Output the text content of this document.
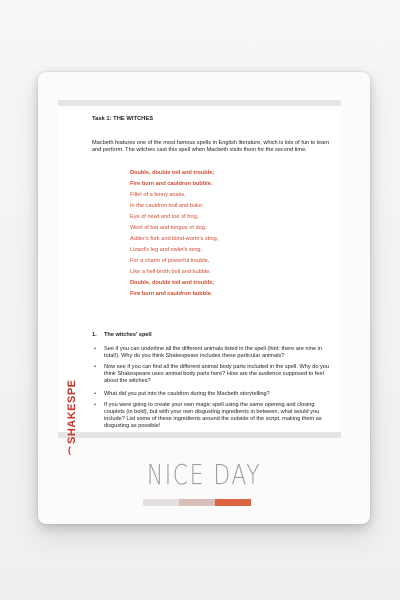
SHAKESPE
(
Task 1: THE WITCHES
Macbeth features one of the most famous spells in English literature, which is lots of fun to learn and perform. The witches cast this spell when Macbeth visits them for the second time.
Double, double toil and trouble;
Fire burn and cauldron bubble.
Fillet of a fenny snake,
In the cauldron boil and bake;
Eye of newt and toe of frog,
Wool of bat and tongue of dog,
Adder's fork and blind-worm's sting,
Lizard's leg and owlet's wing,
For a charm of powerful trouble,
Like a hell-broth boil and bubble.
Double, double toil and trouble;
Fire burn and cauldron bubble.
1. The witches' spell
• See if you can underline all the different animals listed in the spell (hint: there are nine in total!). Why do you think Shakespeare includes these particular animals?
• Now see if you can find all the different animal body parts included in the spell. Why do you think Shakespeare uses animal body parts here? How are the audience supposed to feel about the witches?
• What did you put into the cauldron during the Macbeth storytelling?
• If you were going to create your own magic spell using the same opening and closing couplets (in bold), but with your own disgusting ingredients in between, what would you include? List some of these ingredients around the outside of the script, making them as disgusting as possible!
NICE DAY
